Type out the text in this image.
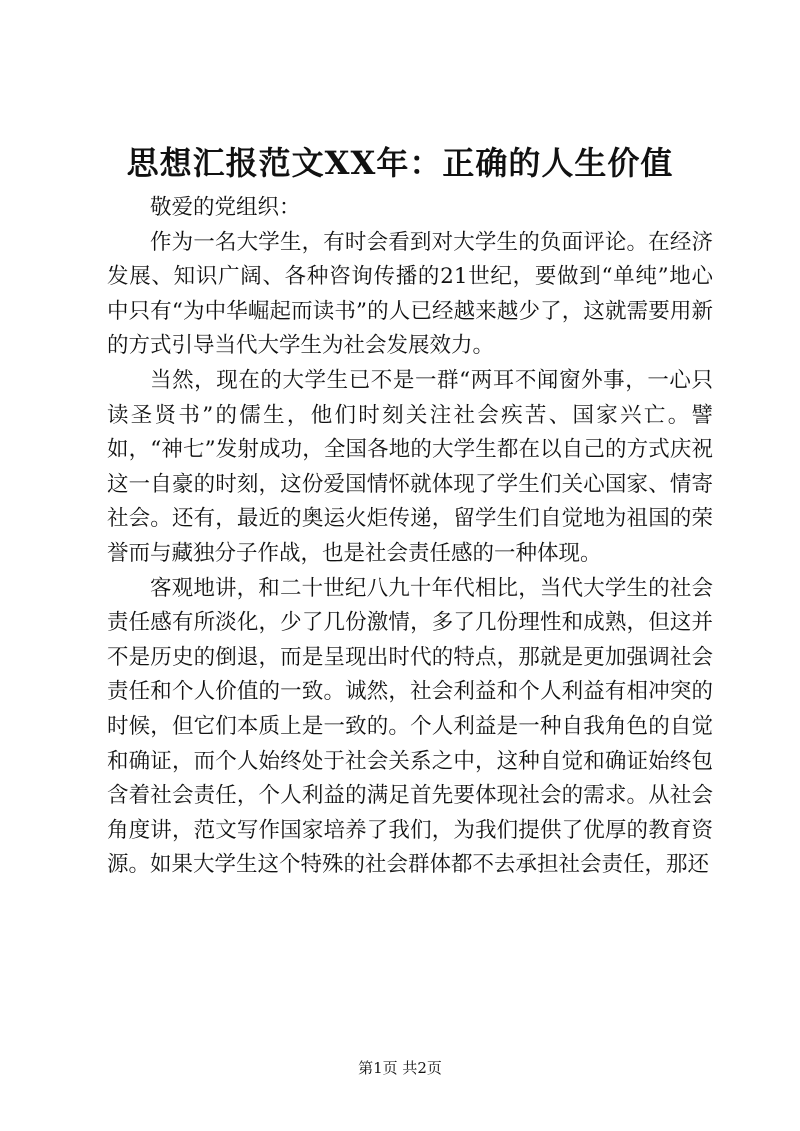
思想汇报范文XX年：正确的人生价值

敬爱的党组织：

作为一名大学生，有时会看到对大学生的负面评论。在经济发展、知识广阔、各种咨询传播的21世纪，要做到“单纯”地心中只有“为中华崛起而读书”的人已经越来越少了，这就需要用新的方式引导当代大学生为社会发展效力。

当然，现在的大学生已不是一群“两耳不闻窗外事，一心只读圣贤书”的儒生，他们时刻关注社会疾苦、国家兴亡。譬如，“神七”发射成功，全国各地的大学生都在以自己的方式庆祝这一自豪的时刻，这份爱国情怀就体现了学生们关心国家、情寄社会。还有，最近的奥运火炬传递，留学生们自觉地为祖国的荣誉而与藏独分子作战，也是社会责任感的一种体现。

客观地讲，和二十世纪八九十年代相比，当代大学生的社会责任感有所淡化，少了几份激情，多了几份理性和成熟，但这并不是历史的倒退，而是呈现出时代的特点，那就是更加强调社会责任和个人价值的一致。诚然，社会利益和个人利益有相冲突的时候，但它们本质上是一致的。个人利益是一种自我角色的自觉和确证，而个人始终处于社会关系之中，这种自觉和确证始终包含着社会责任，个人利益的满足首先要体现社会的需求。从社会角度讲，范文写作国家培养了我们，为我们提供了优厚的教育资源。如果大学生这个特殊的社会群体都不去承担社会责任，那还

第1页 共2页
